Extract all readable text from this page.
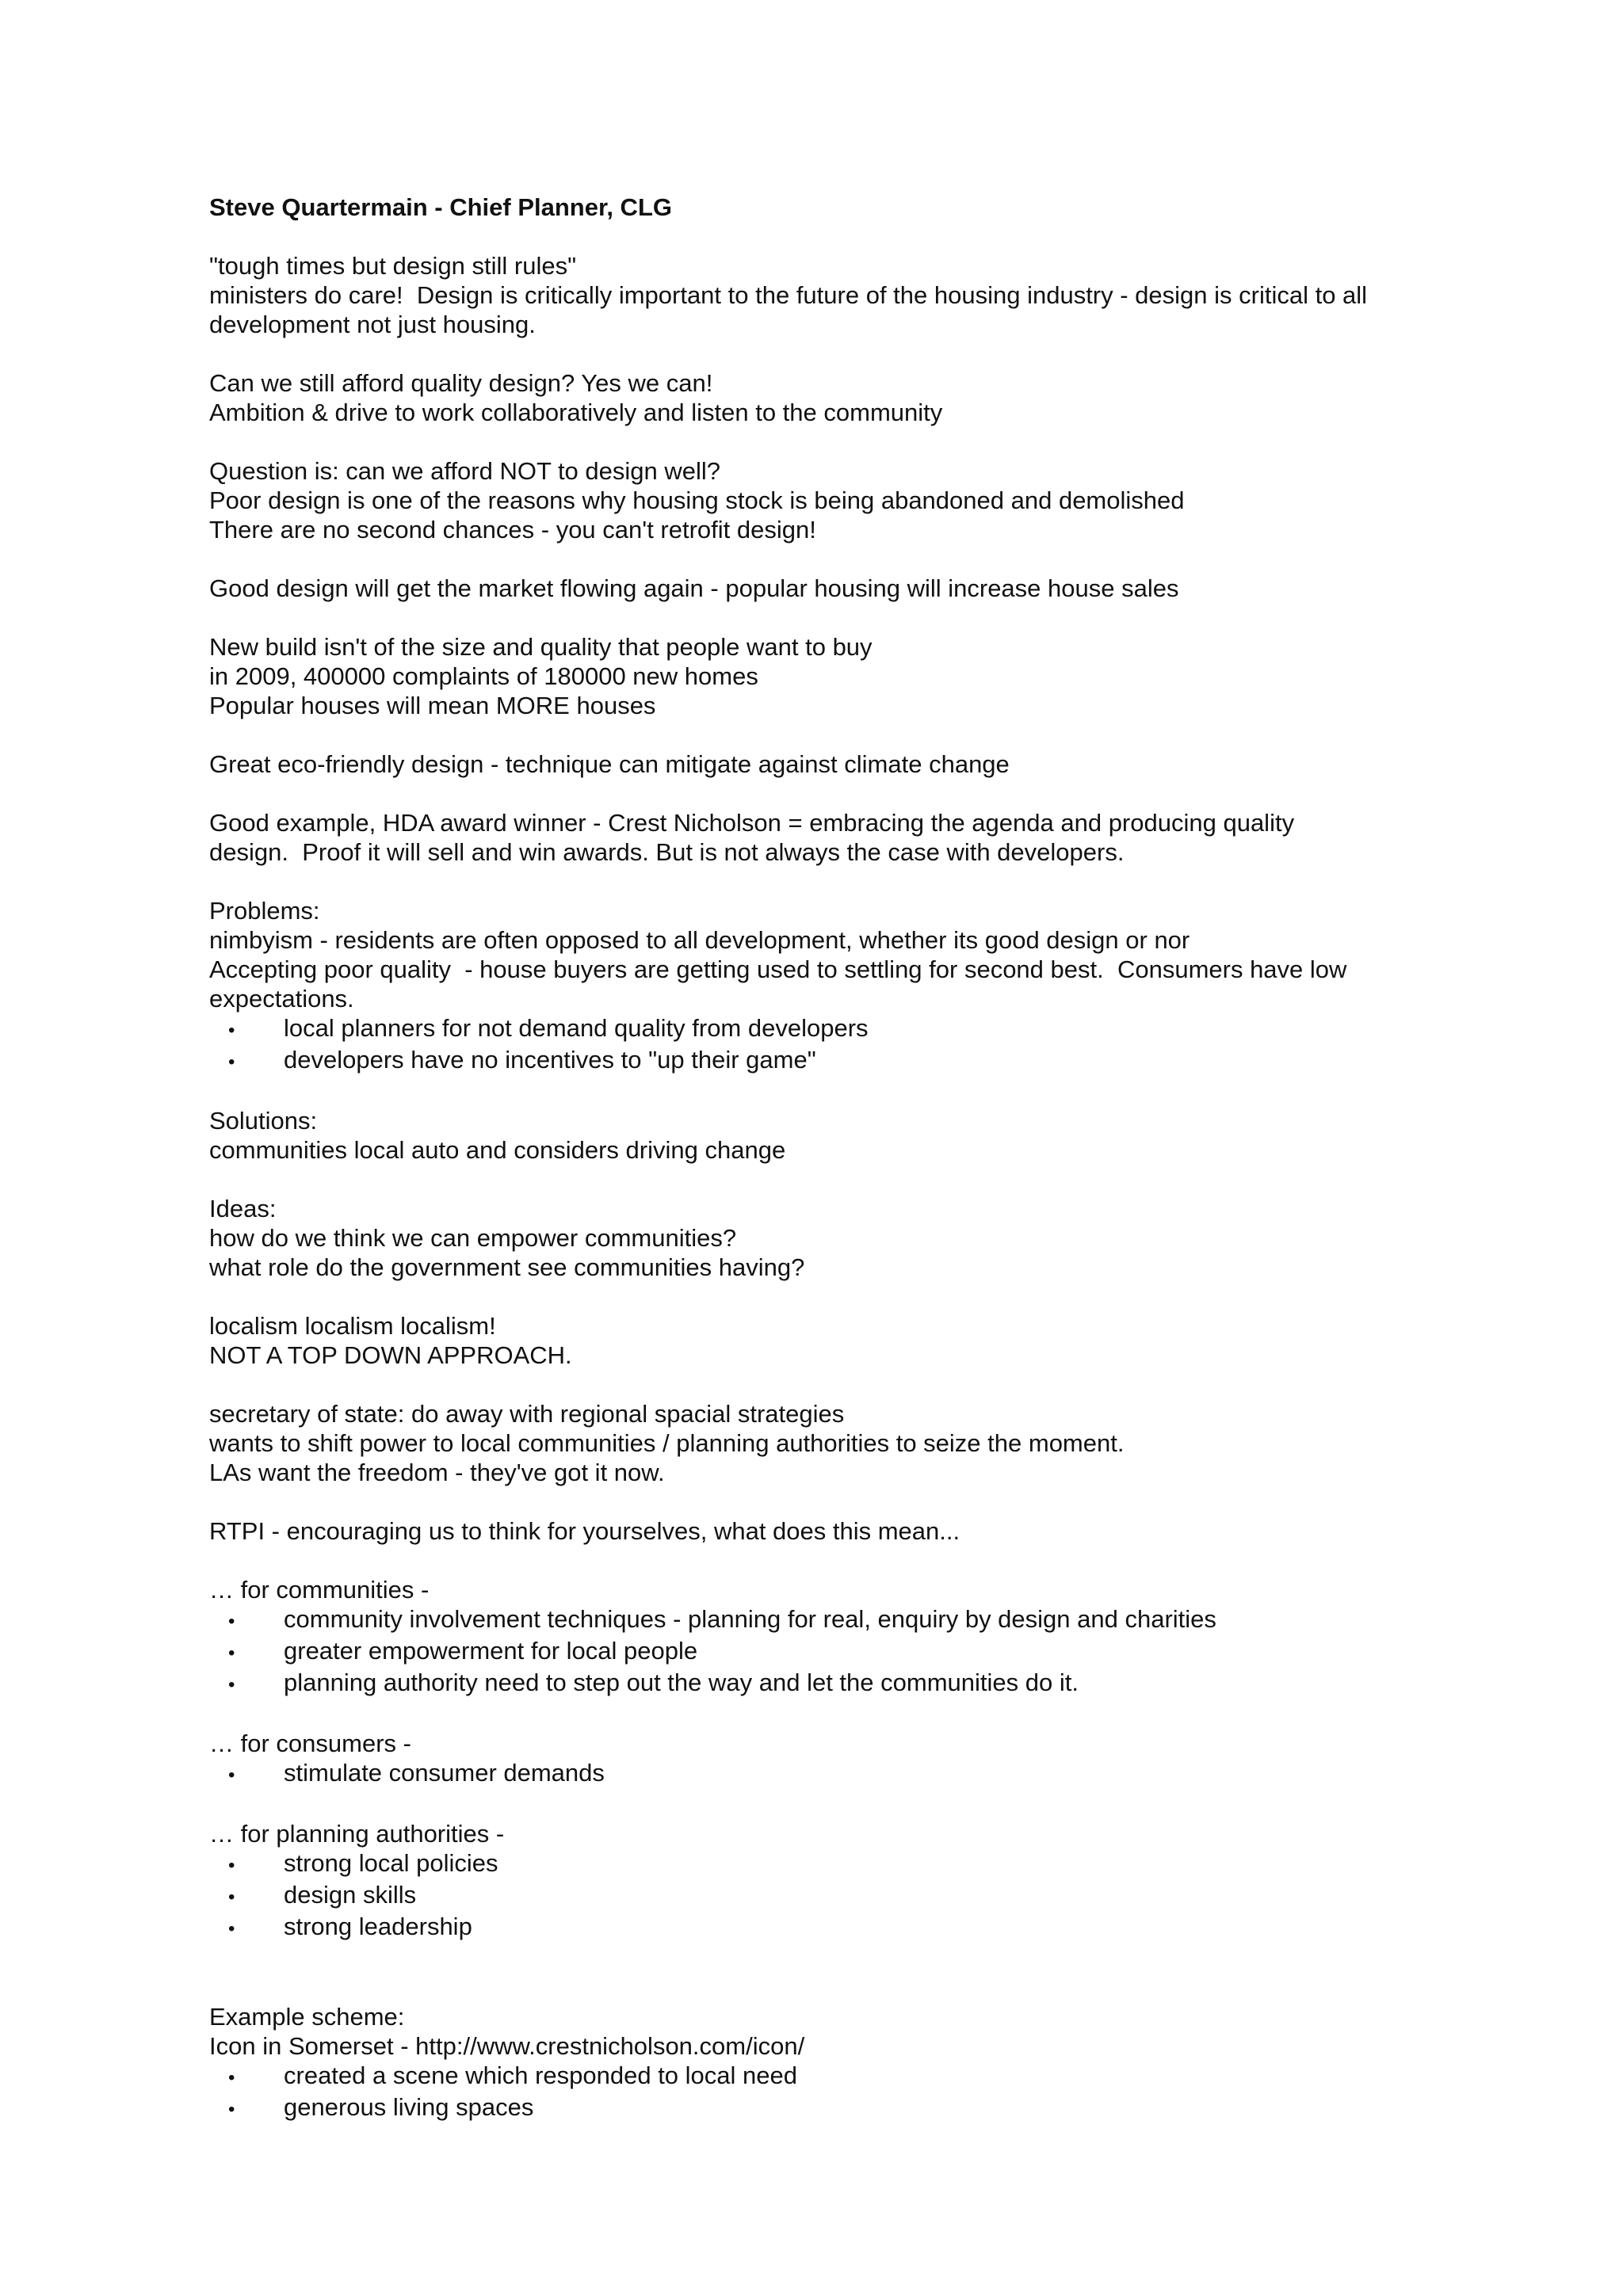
Steve Quartermain - Chief Planner, CLG
"tough times but design still rules"
ministers do care!  Design is critically important to the future of the housing industry - design is critical to all
development not just housing.
Can we still afford quality design? Yes we can!
Ambition & drive to work collaboratively and listen to the community
Question is: can we afford NOT to design well?
Poor design is one of the reasons why housing stock is being abandoned and demolished
There are no second chances - you can't retrofit design!
Good design will get the market flowing again - popular housing will increase house sales
New build isn't of the size and quality that people want to buy
in 2009, 400000 complaints of 180000 new homes
Popular houses will mean MORE houses
Great eco-friendly design - technique can mitigate against climate change
Good example, HDA award winner - Crest Nicholson = embracing the agenda and producing quality
design.  Proof it will sell and win awards. But is not always the case with developers.
Problems:
nimbyism - residents are often opposed to all development, whether its good design or nor
Accepting poor quality  - house buyers are getting used to settling for second best.  Consumers have low
expectations.
•	local planners for not demand quality from developers
•	developers have no incentives to "up their game"
Solutions:
communities local auto and considers driving change
Ideas:
how do we think we can empower communities?
what role do the government see communities having?
localism localism localism!
NOT A TOP DOWN APPROACH.
secretary of state: do away with regional spacial strategies
wants to shift power to local communities / planning authorities to seize the moment.
LAs want the freedom - they've got it now.
RTPI - encouraging us to think for yourselves, what does this mean...
… for communities -
•	community involvement techniques - planning for real, enquiry by design and charities
•	greater empowerment for local people
•	planning authority need to step out the way and let the communities do it.
… for consumers -
•	stimulate consumer demands
… for planning authorities -
•	strong local policies
•	design skills
•	strong leadership
Example scheme:
Icon in Somerset - http://www.crestnicholson.com/icon/
•	created a scene which responded to local need
•	generous living spaces
